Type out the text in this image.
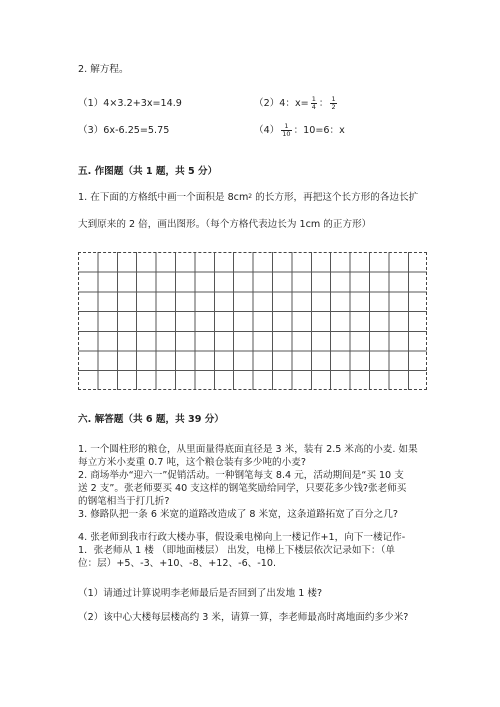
2. 解方程。
（1）4×3.2+3x=14.9	（2）4：$x= \frac{1}{4}$ ： $\frac{1}{2}$
（3）6x-6.25=5.75	$(4) \frac{1}{10}$ ：10=6：x
五. 作图题（共 1 题，共 5 分）
1. 在下面的方格纸中画一个面积是 $8cm^2$ 的长方形，再把这个长方形的各边长扩
大到原来的 2 倍，画出图形。（每个方格代表边长为 1cm 的正方形）
六. 解答题（共 6 题，共 39 分）
1. 一个圆柱形的粮仓，从里面量得底面直径是 3 米，装有 2.5 米高的小麦. 如果
每立方米小麦重 0.7 吨，这个粮仓装有多少吨的小麦?
2. 商场举办“迎六一”促销活动。一种钢笔每支 8.4 元，活动期间是“买 10 支
送 2 支”。张老师要买 40 支这样的钢笔奖励给同学，只要花多少钱?张老师买
的钢笔相当于打几折?
3. 修路队把一条 6 米宽的道路改造成了 8 米宽，这条道路拓宽了百分之几?
4. 张老师到我市行政大楼办事，假设乘电梯向上一楼记作+1，向下一楼记作-
1．张老师从 1 楼 （即地面楼层） 出发，电梯上下楼层依次记录如下：（单
位：层）+5、-3、+10、-8、+12、-6、-10.
（1）请通过计算说明李老师最后是否回到了出发地 1 楼?
（2）该中心大楼每层楼高约 3 米，请算一算，李老师最高时离地面约多少米?
